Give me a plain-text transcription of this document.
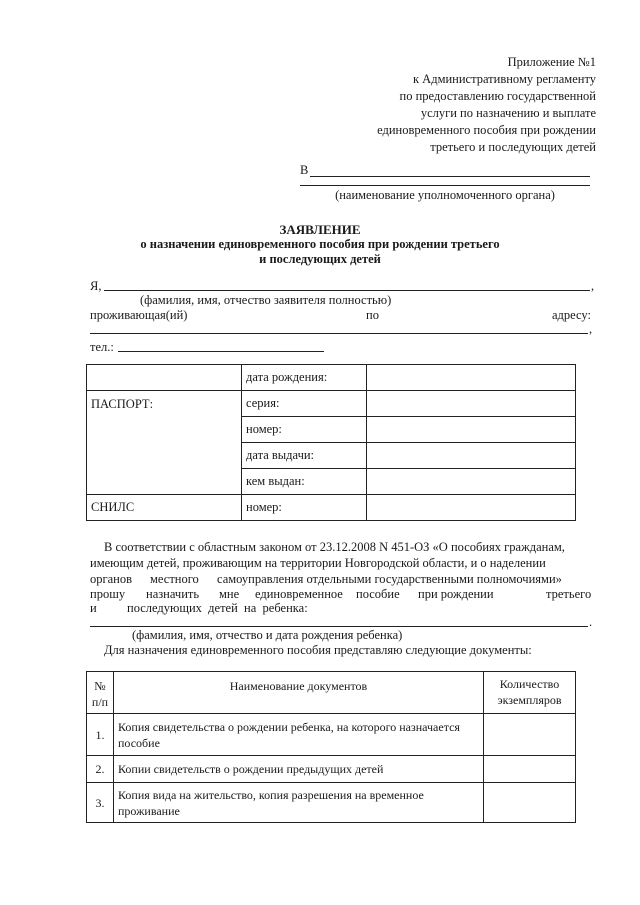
Приложение №1
к Административному регламенту
по предоставлению государственной
услуги по назначению и выплате
единовременного пособия при рождении
третьего и последующих детей
В
(наименование уполномоченного органа)
ЗАЯВЛЕНИЕ
о назначении единовременного пособия при рождении третьего
и последующих детей
Я,	,
(фамилия, имя, отчество заявителя полностью)
проживающая(ий)	по	адресу:
,
тел.:
	дата рождения:	
ПАСПОРТ:	серия:	
	номер:	
	дата выдачи:	
	кем выдан:	
СНИЛС	номер:	
В соответствии с областным законом от 23.12.2008 N 451-ОЗ «О пособиях гражданам,
имеющим детей, проживающим на территории Новгородской области, и о наделении
органов местного самоуправления отдельными государственными полномочиями»
прошу назначить мне единовременное пособие при рождении	третьего
и последующих  детей  на  ребенка:
.
(фамилия, имя, отчество и дата рождения ребенка)
Для назначения единовременного пособия представляю следующие документы:
№ п/п	Наименование документов	Количество экземпляров
1.	Копия свидетельства о рождении ребенка, на которого назначается пособие	
2.	Копии свидетельств о рождении предыдущих детей	
3.	Копия вида на жительство, копия разрешения на временное проживание	
